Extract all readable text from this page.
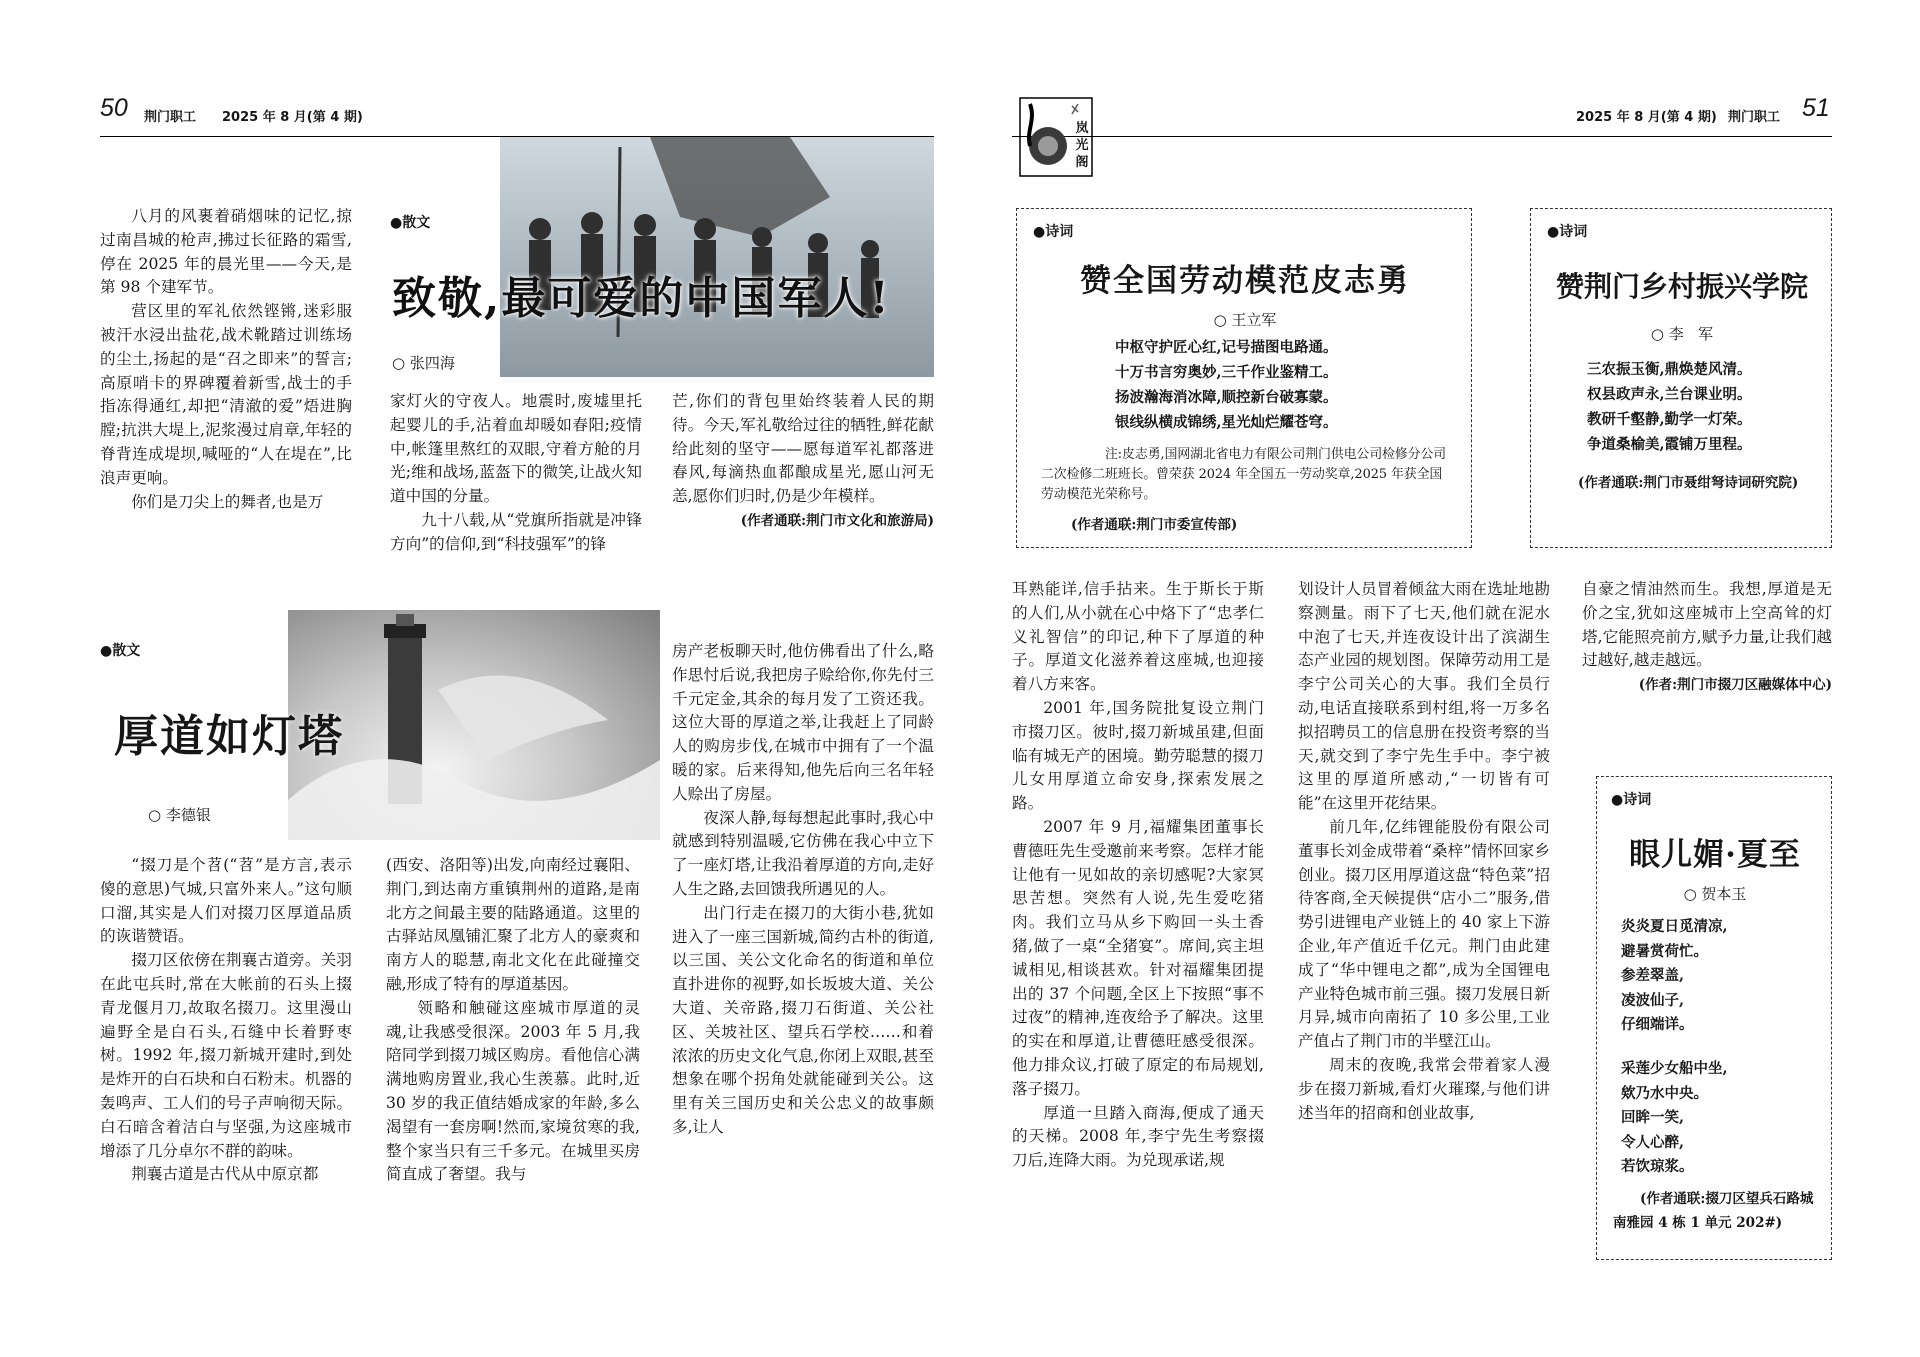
50 荆门职工 2025 年 8 月(第 4 期)	2025 年 8 月(第 4 期) 荆门职工 51
岚光阁
●散文
致敬,最可爱的中国军人!
○ 张四海

八月的风裹着硝烟味的记忆,掠过南昌城的枪声,拂过长征路的霜雪,停在 2025 年的晨光里——今天,是第 98 个建军节。

营区里的军礼依然铿锵,迷彩服被汗水浸出盐花,战术靴踏过训练场的尘土,扬起的是“召之即来”的誓言;高原哨卡的界碑覆着新雪,战士的手指冻得通红,却把“清澈的爱”焐进胸膛;抗洪大堤上,泥浆漫过肩章,年轻的脊背连成堤坝,喊哑的“人在堤在”,比浪声更响。

你们是刀尖上的舞者,也是万

家灯火的守夜人。地震时,废墟里托起婴儿的手,沾着血却暖如春阳;疫情中,帐篷里熬红的双眼,守着方舱的月光;维和战场,蓝盔下的微笑,让战火知道中国的分量。

九十八载,从“党旗所指就是冲锋方向”的信仰,到“科技强军”的锋

芒,你们的背包里始终装着人民的期待。今天,军礼敬给过往的牺牲,鲜花献给此刻的坚守——愿每道军礼都落进春风,每滴热血都酿成星光,愿山河无恙,愿你们归时,仍是少年模样。

(作者通联:荆门市文化和旅游局)
●散文
厚道如灯塔
○ 李德银

“掇刀是个苕(“苕”是方言,表示傻的意思)气城,只富外来人。”这句顺口溜,其实是人们对掇刀区厚道品质的诙谐赞语。

掇刀区依傍在荆襄古道旁。关羽在此屯兵时,常在大帐前的石头上掇青龙偃月刀,故取名掇刀。这里漫山遍野全是白石头,石缝中长着野枣树。1992 年,掇刀新城开建时,到处是炸开的白石块和白石粉末。机器的轰鸣声、工人们的号子声响彻天际。白石暗含着洁白与坚强,为这座城市增添了几分卓尔不群的韵味。

荆襄古道是古代从中原京都

(西安、洛阳等)出发,向南经过襄阳、荆门,到达南方重镇荆州的道路,是南北方之间最主要的陆路通道。这里的古驿站凤凰铺汇聚了北方人的豪爽和南方人的聪慧,南北文化在此碰撞交融,形成了特有的厚道基因。

领略和触碰这座城市厚道的灵魂,让我感受很深。2003 年 5 月,我陪同学到掇刀城区购房。看他信心满满地购房置业,我心生羡慕。此时,近 30 岁的我正值结婚成家的年龄,多么渴望有一套房啊!然而,家境贫寒的我,整个家当只有三千多元。在城里买房简直成了奢望。我与

房产老板聊天时,他仿佛看出了什么,略作思忖后说,我把房子赊给你,你先付三千元定金,其余的每月发了工资还我。这位大哥的厚道之举,让我赶上了同龄人的购房步伐,在城市中拥有了一个温暖的家。后来得知,他先后向三名年轻人赊出了房屋。

夜深人静,每每想起此事时,我心中就感到特别温暖,它仿佛在我心中立下了一座灯塔,让我沿着厚道的方向,走好人生之路,去回馈我所遇见的人。

出门行走在掇刀的大街小巷,犹如进入了一座三国新城,简约古朴的街道,以三国、关公文化命名的街道和单位直扑进你的视野,如长坂坡大道、关公大道、关帝路,掇刀石街道、关公社区、关坡社区、望兵石学校……和着浓浓的历史文化气息,你闭上双眼,甚至想象在哪个拐角处就能碰到关公。这里有关三国历史和关公忠义的故事颇多,让人

耳熟能详,信手拈来。生于斯长于斯的人们,从小就在心中烙下了“忠孝仁义礼智信”的印记,种下了厚道的种子。厚道文化滋养着这座城,也迎接着八方来客。

2001 年,国务院批复设立荆门市掇刀区。彼时,掇刀新城虽建,但面临有城无产的困境。勤劳聪慧的掇刀儿女用厚道立命安身,探索发展之路。

2007 年 9 月,福耀集团董事长曹德旺先生受邀前来考察。怎样才能让他有一见如故的亲切感呢?大家冥思苦想。突然有人说,先生爱吃猪肉。我们立马从乡下购回一头土香猪,做了一桌“全猪宴”。席间,宾主坦诚相见,相谈甚欢。针对福耀集团提出的 37 个问题,全区上下按照“事不过夜”的精神,连夜给予了解决。这里的实在和厚道,让曹德旺感受很深。他力排众议,打破了原定的布局规划,落子掇刀。

厚道一旦踏入商海,便成了通天的天梯。2008 年,李宁先生考察掇刀后,连降大雨。为兑现承诺,规

划设计人员冒着倾盆大雨在选址地勘察测量。雨下了七天,他们就在泥水中泡了七天,并连夜设计出了滨湖生态产业园的规划图。保障劳动用工是李宁公司关心的大事。我们全员行动,电话直接联系到村组,将一万多名拟招聘员工的信息册在投资考察的当天,就交到了李宁先生手中。李宁被这里的厚道所感动,“一切皆有可能”在这里开花结果。

前几年,亿纬锂能股份有限公司董事长刘金成带着“桑梓”情怀回家乡创业。掇刀区用厚道这盘“特色菜”招待客商,全天候提供“店小二”服务,借势引进锂电产业链上的 40 家上下游企业,年产值近千亿元。荆门由此建成了“华中锂电之都”,成为全国锂电产业特色城市前三强。掇刀发展日新月异,城市向南拓了 10 多公里,工业产值占了荆门市的半壁江山。

周末的夜晚,我常会带着家人漫步在掇刀新城,看灯火璀璨,与他们讲述当年的招商和创业故事,

自豪之情油然而生。我想,厚道是无价之宝,犹如这座城市上空高耸的灯塔,它能照亮前方,赋予力量,让我们越过越好,越走越远。

(作者:荆门市掇刀区融媒体中心)
●诗词
赞全国劳动模范皮志勇
○ 王立军
中枢守护匠心红,记号描图电路通。
十万书言穷奥妙,三千作业鉴精工。
扬波瀚海消冰障,顺控新台破寡蒙。
银线纵横成锦绣,星光灿烂耀苍穹。
注:皮志勇,国网湖北省电力有限公司荆门供电公司检修分公司二次检修二班班长。曾荣获 2024 年全国五一劳动奖章,2025 年获全国劳动模范光荣称号。
(作者通联:荆门市委宣传部)
●诗词
赞荆门乡村振兴学院
○ 李   军
三农振玉衡,鼎焕楚风清。
权县政声永,兰台课业明。
教研千壑静,勤学一灯荣。
争道桑榆美,霞铺万里程。
(作者通联:荆门市聂绀弩诗词研究院)
●诗词
眼儿媚·夏至
○ 贺本玉
炎炎夏日觅清凉,
避暑赏荷忙。
参差翠盖,
凌波仙子,
仔细端详。
采莲少女船中坐,
欸乃水中央。
回眸一笑,
令人心醉,
若饮琼浆。
(作者通联:掇刀区望兵石路城南雅园 4 栋 1 单元 202#)
